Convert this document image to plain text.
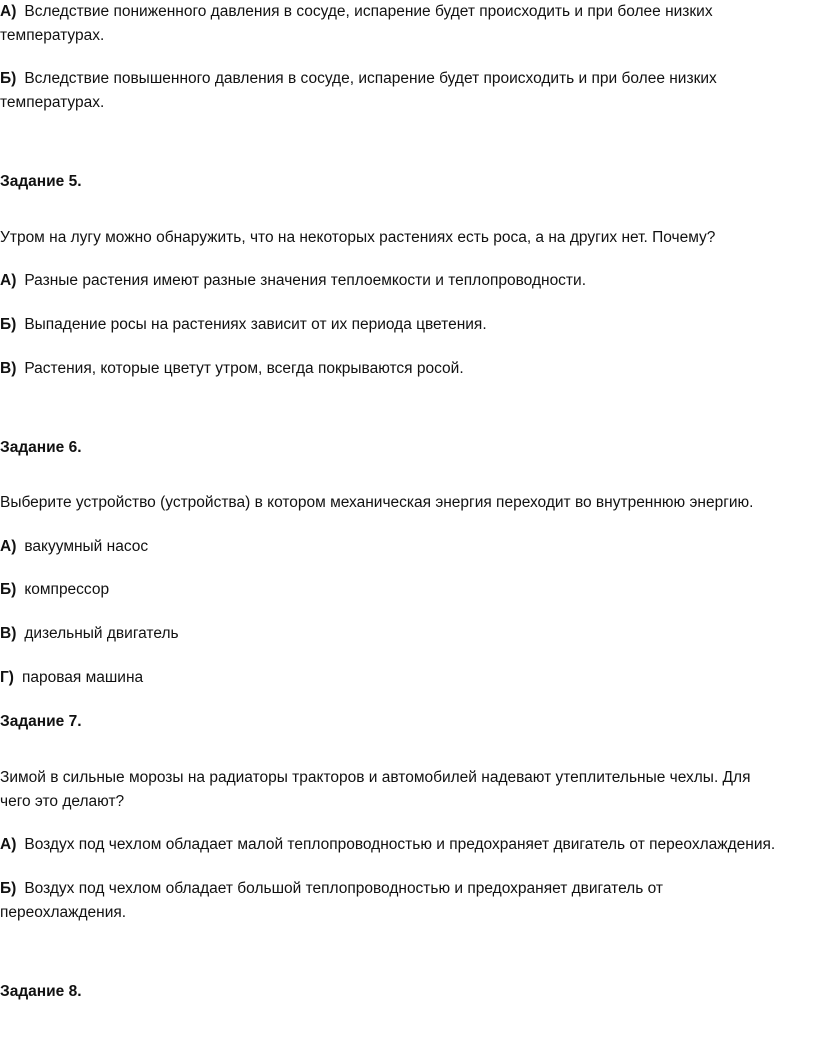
А) Вследствие пониженного давления в сосуде, испарение будет происходить и при более низких
температурах.
Б) Вследствие повышенного давления в сосуде, испарение будет происходить и при более низких
температурах.
Задание 5.
Утром на лугу можно обнаружить, что на некоторых растениях есть роса, а на других нет. Почему?
А) Разные растения имеют разные значения теплоемкости и теплопроводности.
Б) Выпадение росы на растениях зависит от их периода цветения.
В) Растения, которые цветут утром, всегда покрываются росой.
Задание 6.
Выберите устройство (устройства) в котором механическая энергия переходит во внутреннюю энергию.
А) вакуумный насос
Б) компрессор
В) дизельный двигатель
Г) паровая машина
Задание 7.
Зимой в сильные морозы на радиаторы тракторов и автомобилей надевают утеплительные чехлы. Для
чего это делают?
А) Воздух под чехлом обладает малой теплопроводностью и предохраняет двигатель от переохлаждения.
Б) Воздух под чехлом обладает большой теплопроводностью и предохраняет двигатель от
переохлаждения.
Задание 8.
